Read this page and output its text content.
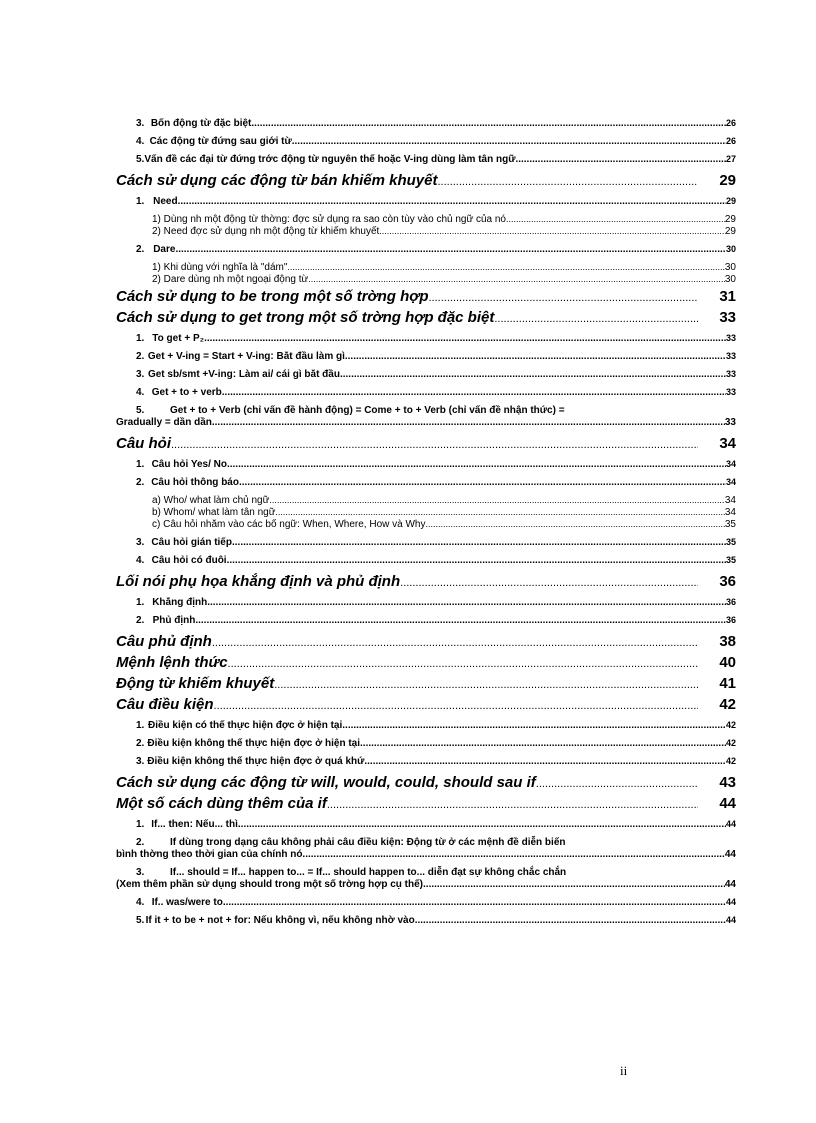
3. Bốn động từ đặc biệt .....	26
4. Các động từ đứng sau giới từ .....	26
5. Vấn đề các đại từ đứng trớc động từ nguyên thể hoặc V-ing dùng làm tân ngữ .....	27
Cách sử dụng các động từ bán khiếm khuyết .....	29
1. Need .....	29
1) Dùng nh một động từ thờng: đợc sử dụng ra sao còn tùy vào chủ ngữ của nó .....	29
2) Need đợc sử dụng nh một động từ khiếm khuyết .....	29
2. Dare .....	30
1) Khi dùng với nghĩa là "dám" .....	30
2) Dare dùng nh một ngoại động từ .....	30
Cách sử dụng to be trong một số trờng hợp .....	31
Cách sử dụng to get trong một số trờng hợp đặc biệt .....	33
1. To get + P₂ .....	33
2. Get + V-ing = Start + V-ing: Bắt đầu làm gì .....	33
3. Get sb/smt +V-ing: Làm ai/ cái gì bắt đầu. .....	33
4. Get + to + verb .....	33
5.	Get + to + Verb (chỉ vấn đề hành động) = Come + to + Verb (chỉ vấn đề nhận thức) =
Gradually = dần dần .....	33
Câu hỏi .....	34
1. Câu hỏi Yes/ No .....	34
2. Câu hỏi thông báo .....	34
a) Who/ what làm chủ ngữ .....	34
b) Whom/ what làm tân ngữ .....	34
c) Câu hỏi nhắm vào các bổ ngữ: When, Where, How và Why .....	35
3. Câu hỏi gián tiếp .....	35
4. Câu hỏi có đuôi .....	35
Lối nói phụ họa khẳng định và phủ định .....	36
1. Khẳng định .....	36
2. Phủ định .....	36
Câu phủ định .....	38
Mệnh lệnh thức .....	40
Động từ khiếm khuyết .....	41
Câu điều kiện .....	42
1. Điều kiện có thể thực hiện đợc ở hiện tại .....	42
2. Điều kiện không thể thực hiện đợc ở hiện tại .....	42
3. Điều kiện không thể thực hiện đợc ở quá khứ .....	42
Cách sử dụng các động từ will, would, could, should sau if .....	43
Một số cách dùng thêm của if .....	44
1. If... then: Nếu... thì .....	44
2.	If dùng trong dạng câu không phải câu điều kiện: Động từ ở các mệnh đề diễn biến
bình thờng theo thời gian của chính nó. .....	44
3.	If... should = If... happen to... = If... should happen to... diễn đạt sự không chắc chắn
(Xem thêm phần sử dụng should trong một số trờng hợp cụ thể) .....	44
4. If.. was/were to .....	44
5. If it + to be + not + for: Nếu không vì, nếu không nhờ vào. .....	44
ii
